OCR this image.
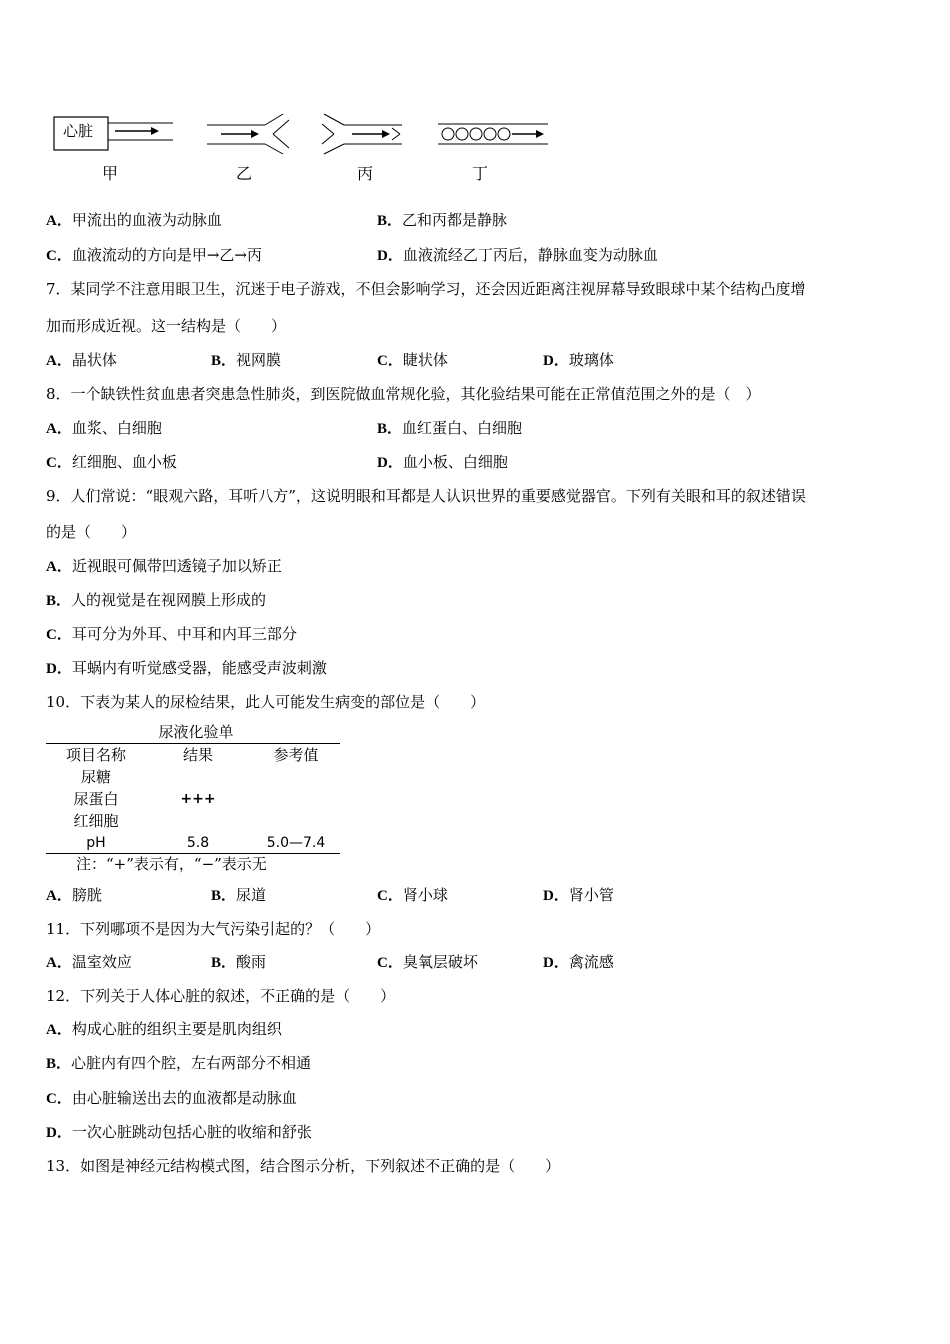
心脏
甲	乙	丙	丁
A．甲流出的血液为动脉血	B．乙和丙都是静脉
C．血液流动的方向是甲→乙→丙	D．血液流经乙丁丙后，静脉血变为动脉血
7．某同学不注意用眼卫生，沉迷于电子游戏，不但会影响学习，还会因近距离注视屏幕导致眼球中某个结构凸度增
加而形成近视。这一结构是（　　）
A．晶状体	B．视网膜	C．睫状体	D．玻璃体
8．一个缺铁性贫血患者突患急性肺炎，到医院做血常规化验，其化验结果可能在正常值范围之外的是（　）
A．血浆、白细胞	B．血红蛋白、白细胞
C．红细胞、血小板	D．血小板、白细胞
9．人们常说：“眼观六路，耳听八方”，这说明眼和耳都是人认识世界的重要感觉器官。下列有关眼和耳的叙述错误
的是（　　）
A．近视眼可佩带凹透镜子加以矫正
B．人的视觉是在视网膜上形成的
C．耳可分为外耳、中耳和内耳三部分
D．耳蜗内有听觉感受器，能感受声波刺激
10．下表为某人的尿检结果，此人可能发生病变的部位是（　　）
尿液化验单
项目名称	结果	参考值
尿糖
尿蛋白	+++
红细胞
pH	5.8	5.0—7.4
注：“+”表示有，“−”表示无
A．膀胱	B．尿道	C．肾小球	D．肾小管
11．下列哪项不是因为大气污染引起的？（　　）
A．温室效应	B．酸雨	C．臭氧层破坏	D．禽流感
12．下列关于人体心脏的叙述，不正确的是（　　）
A．构成心脏的组织主要是肌肉组织
B．心脏内有四个腔，左右两部分不相通
C．由心脏输送出去的血液都是动脉血
D．一次心脏跳动包括心脏的收缩和舒张
13．如图是神经元结构模式图，结合图示分析，下列叙述不正确的是（　　）
